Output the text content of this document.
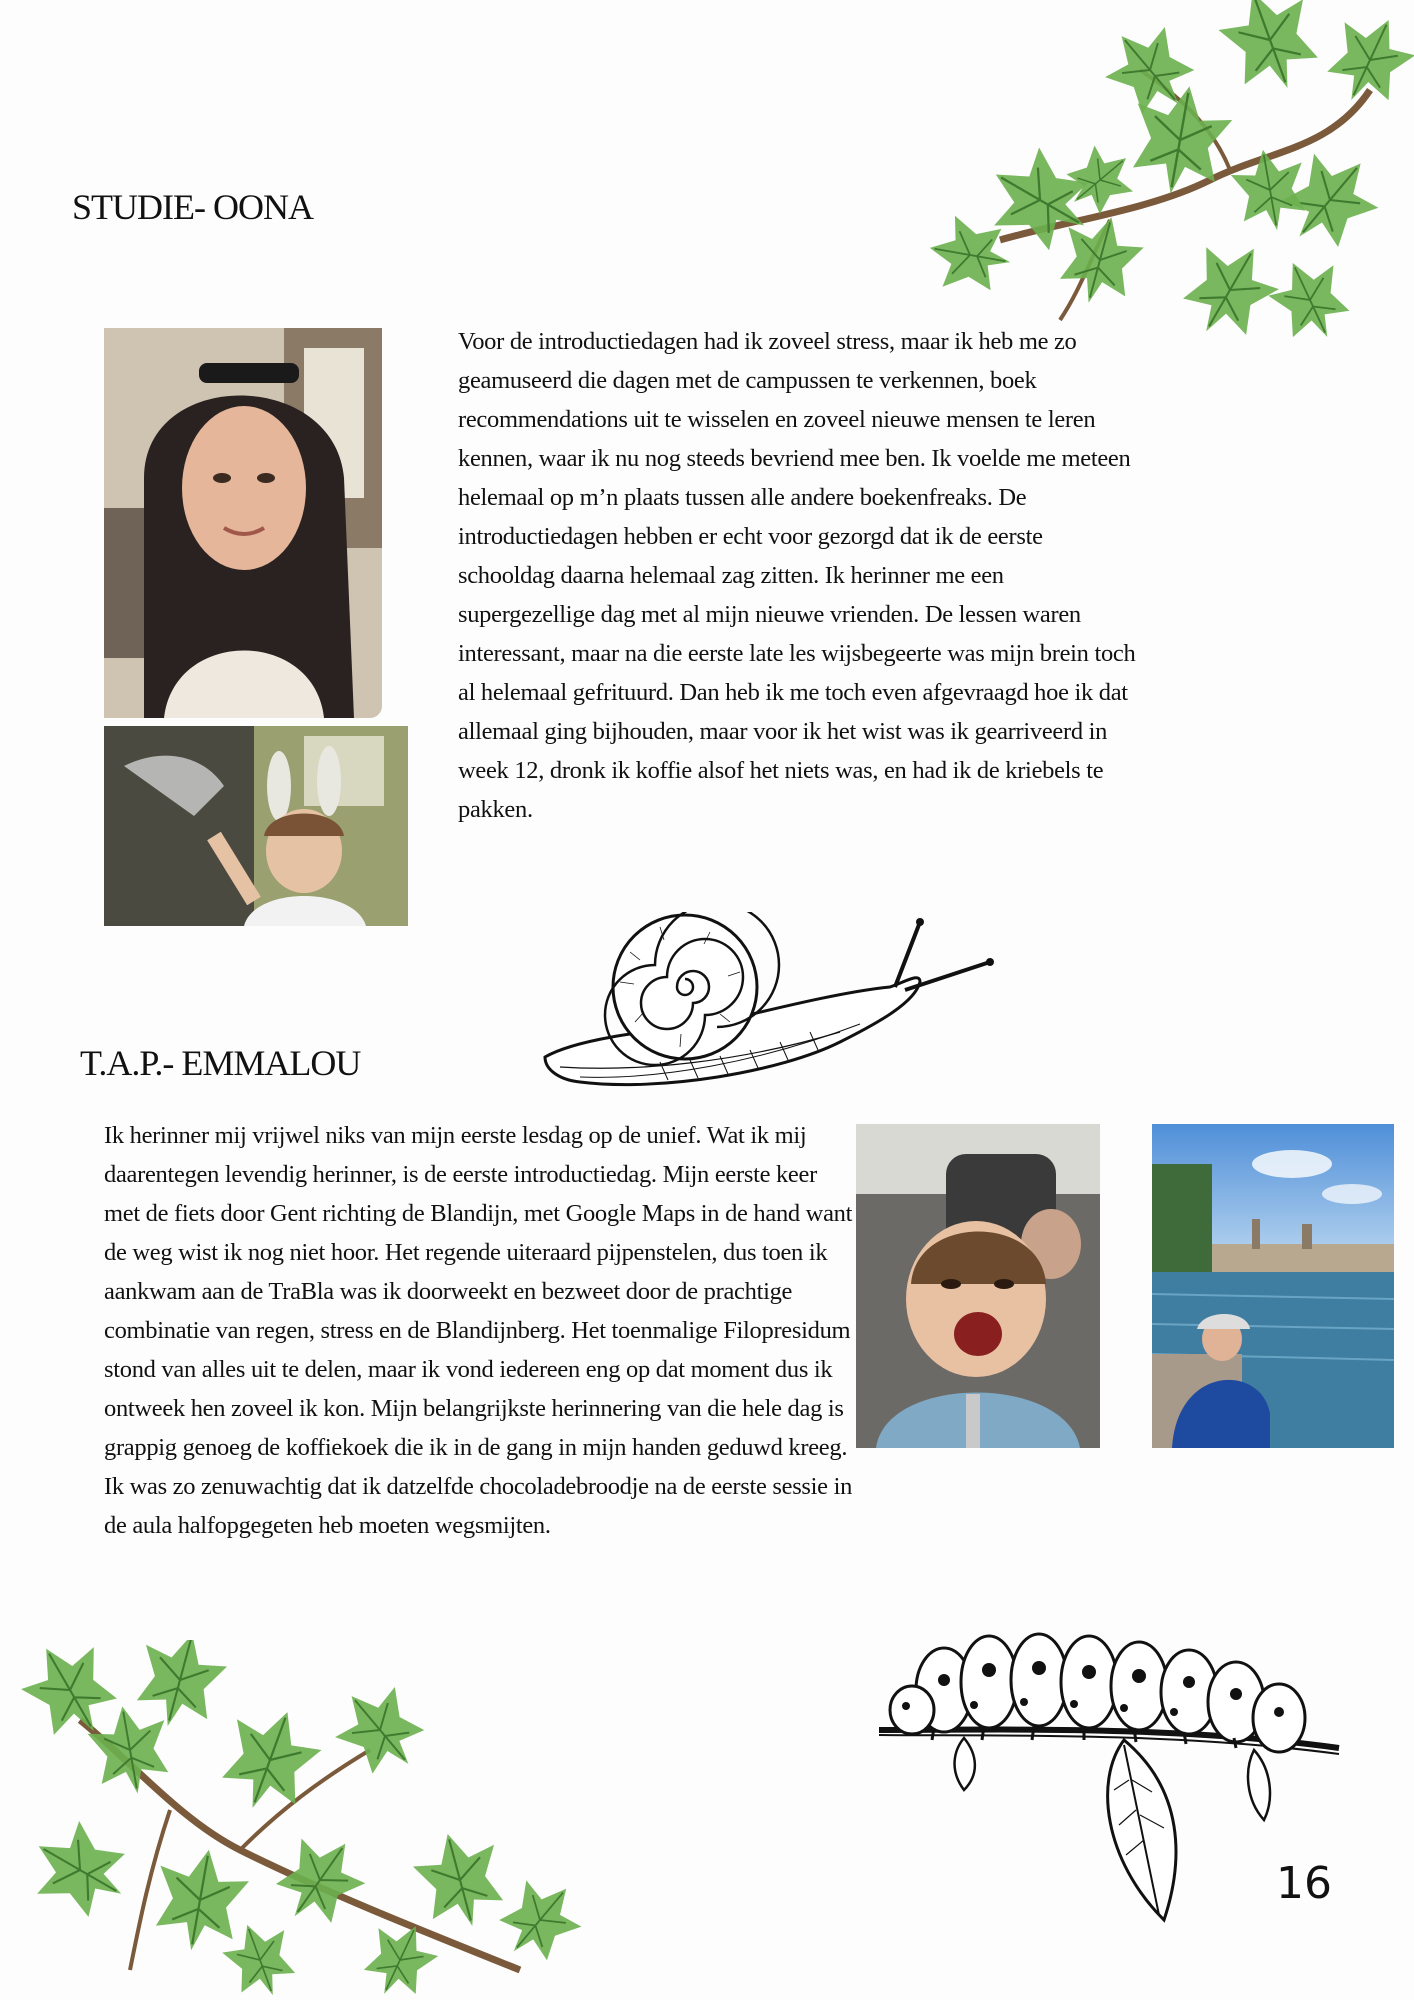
STUDIE- OONA
Voor de introductiedagen had ik zoveel stress, maar ik heb me zo geamuseerd die dagen met de campussen te verkennen, boek recommendations uit te wisselen en zoveel nieuwe mensen te leren kennen, waar ik nu nog steeds bevriend mee ben. Ik voelde me meteen helemaal op m’n plaats tussen alle andere boekenfreaks. De introductiedagen hebben er echt voor gezorgd dat ik de eerste schooldag daarna helemaal zag zitten. Ik herinner me een supergezellige dag met al mijn nieuwe vrienden. De lessen waren interessant, maar na die eerste late les wijsbegeerte was mijn brein toch al helemaal gefrituurd. Dan heb ik me toch even afgevraagd hoe ik dat allemaal ging bijhouden, maar voor ik het wist was ik gearriveerd in week 12, dronk ik koffie alsof het niets was, en had ik de kriebels te pakken.
T.A.P.- EMMALOU
Ik herinner mij vrijwel niks van mijn eerste lesdag op de unief. Wat ik mij daarentegen levendig herinner, is de eerste introductiedag. Mijn eerste keer met de fiets door Gent richting de Blandijn, met Google Maps in de hand want de weg wist ik nog niet hoor. Het regende uiteraard pijpenstelen, dus toen ik aankwam aan de TraBla was ik doorweekt en bezweet door de prachtige combinatie van regen, stress en de Blandijnberg. Het toenmalige Filopresidum stond van alles uit te delen, maar ik vond iedereen eng op dat moment dus ik ontweek hen zoveel ik kon. Mijn belangrijkste herinnering van die hele dag is grappig genoeg de koffiekoek die ik in de gang in mijn handen geduwd kreeg. Ik was zo zenuwachtig dat ik datzelfde chocoladebroodje na de eerste sessie in de aula halfopgegeten heb moeten wegsmijten.
16
